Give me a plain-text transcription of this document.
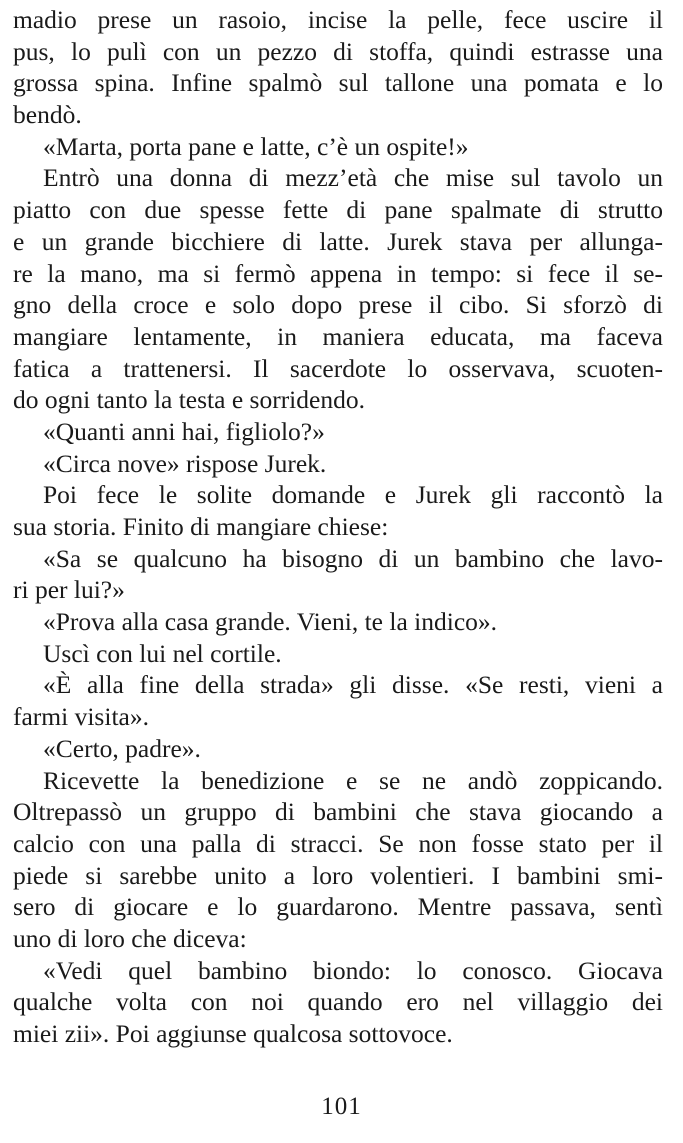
madio prese un rasoio, incise la pelle, fece uscire il
pus, lo pulì con un pezzo di stoffa, quindi estrasse una
grossa spina. Infine spalmò sul tallone una pomata e lo
bendò.
«Marta, porta pane e latte, c’è un ospite!»
Entrò una donna di mezz’età che mise sul tavolo un
piatto con due spesse fette di pane spalmate di strutto
e un grande bicchiere di latte. Jurek stava per allunga-
re la mano, ma si fermò appena in tempo: si fece il se-
gno della croce e solo dopo prese il cibo. Si sforzò di
mangiare lentamente, in maniera educata, ma faceva
fatica a trattenersi. Il sacerdote lo osservava, scuoten-
do ogni tanto la testa e sorridendo.
«Quanti anni hai, figliolo?»
«Circa nove» rispose Jurek.
Poi fece le solite domande e Jurek gli raccontò la
sua storia. Finito di mangiare chiese:
«Sa se qualcuno ha bisogno di un bambino che lavo-
ri per lui?»
«Prova alla casa grande. Vieni, te la indico».
Uscì con lui nel cortile.
«È alla fine della strada» gli disse. «Se resti, vieni a
farmi visita».
«Certo, padre».
Ricevette la benedizione e se ne andò zoppicando.
Oltrepassò un gruppo di bambini che stava giocando a
calcio con una palla di stracci. Se non fosse stato per il
piede si sarebbe unito a loro volentieri. I bambini smi-
sero di giocare e lo guardarono. Mentre passava, sentì
uno di loro che diceva:
«Vedi quel bambino biondo: lo conosco. Giocava
qualche volta con noi quando ero nel villaggio dei
miei zii». Poi aggiunse qualcosa sottovoce.
101
